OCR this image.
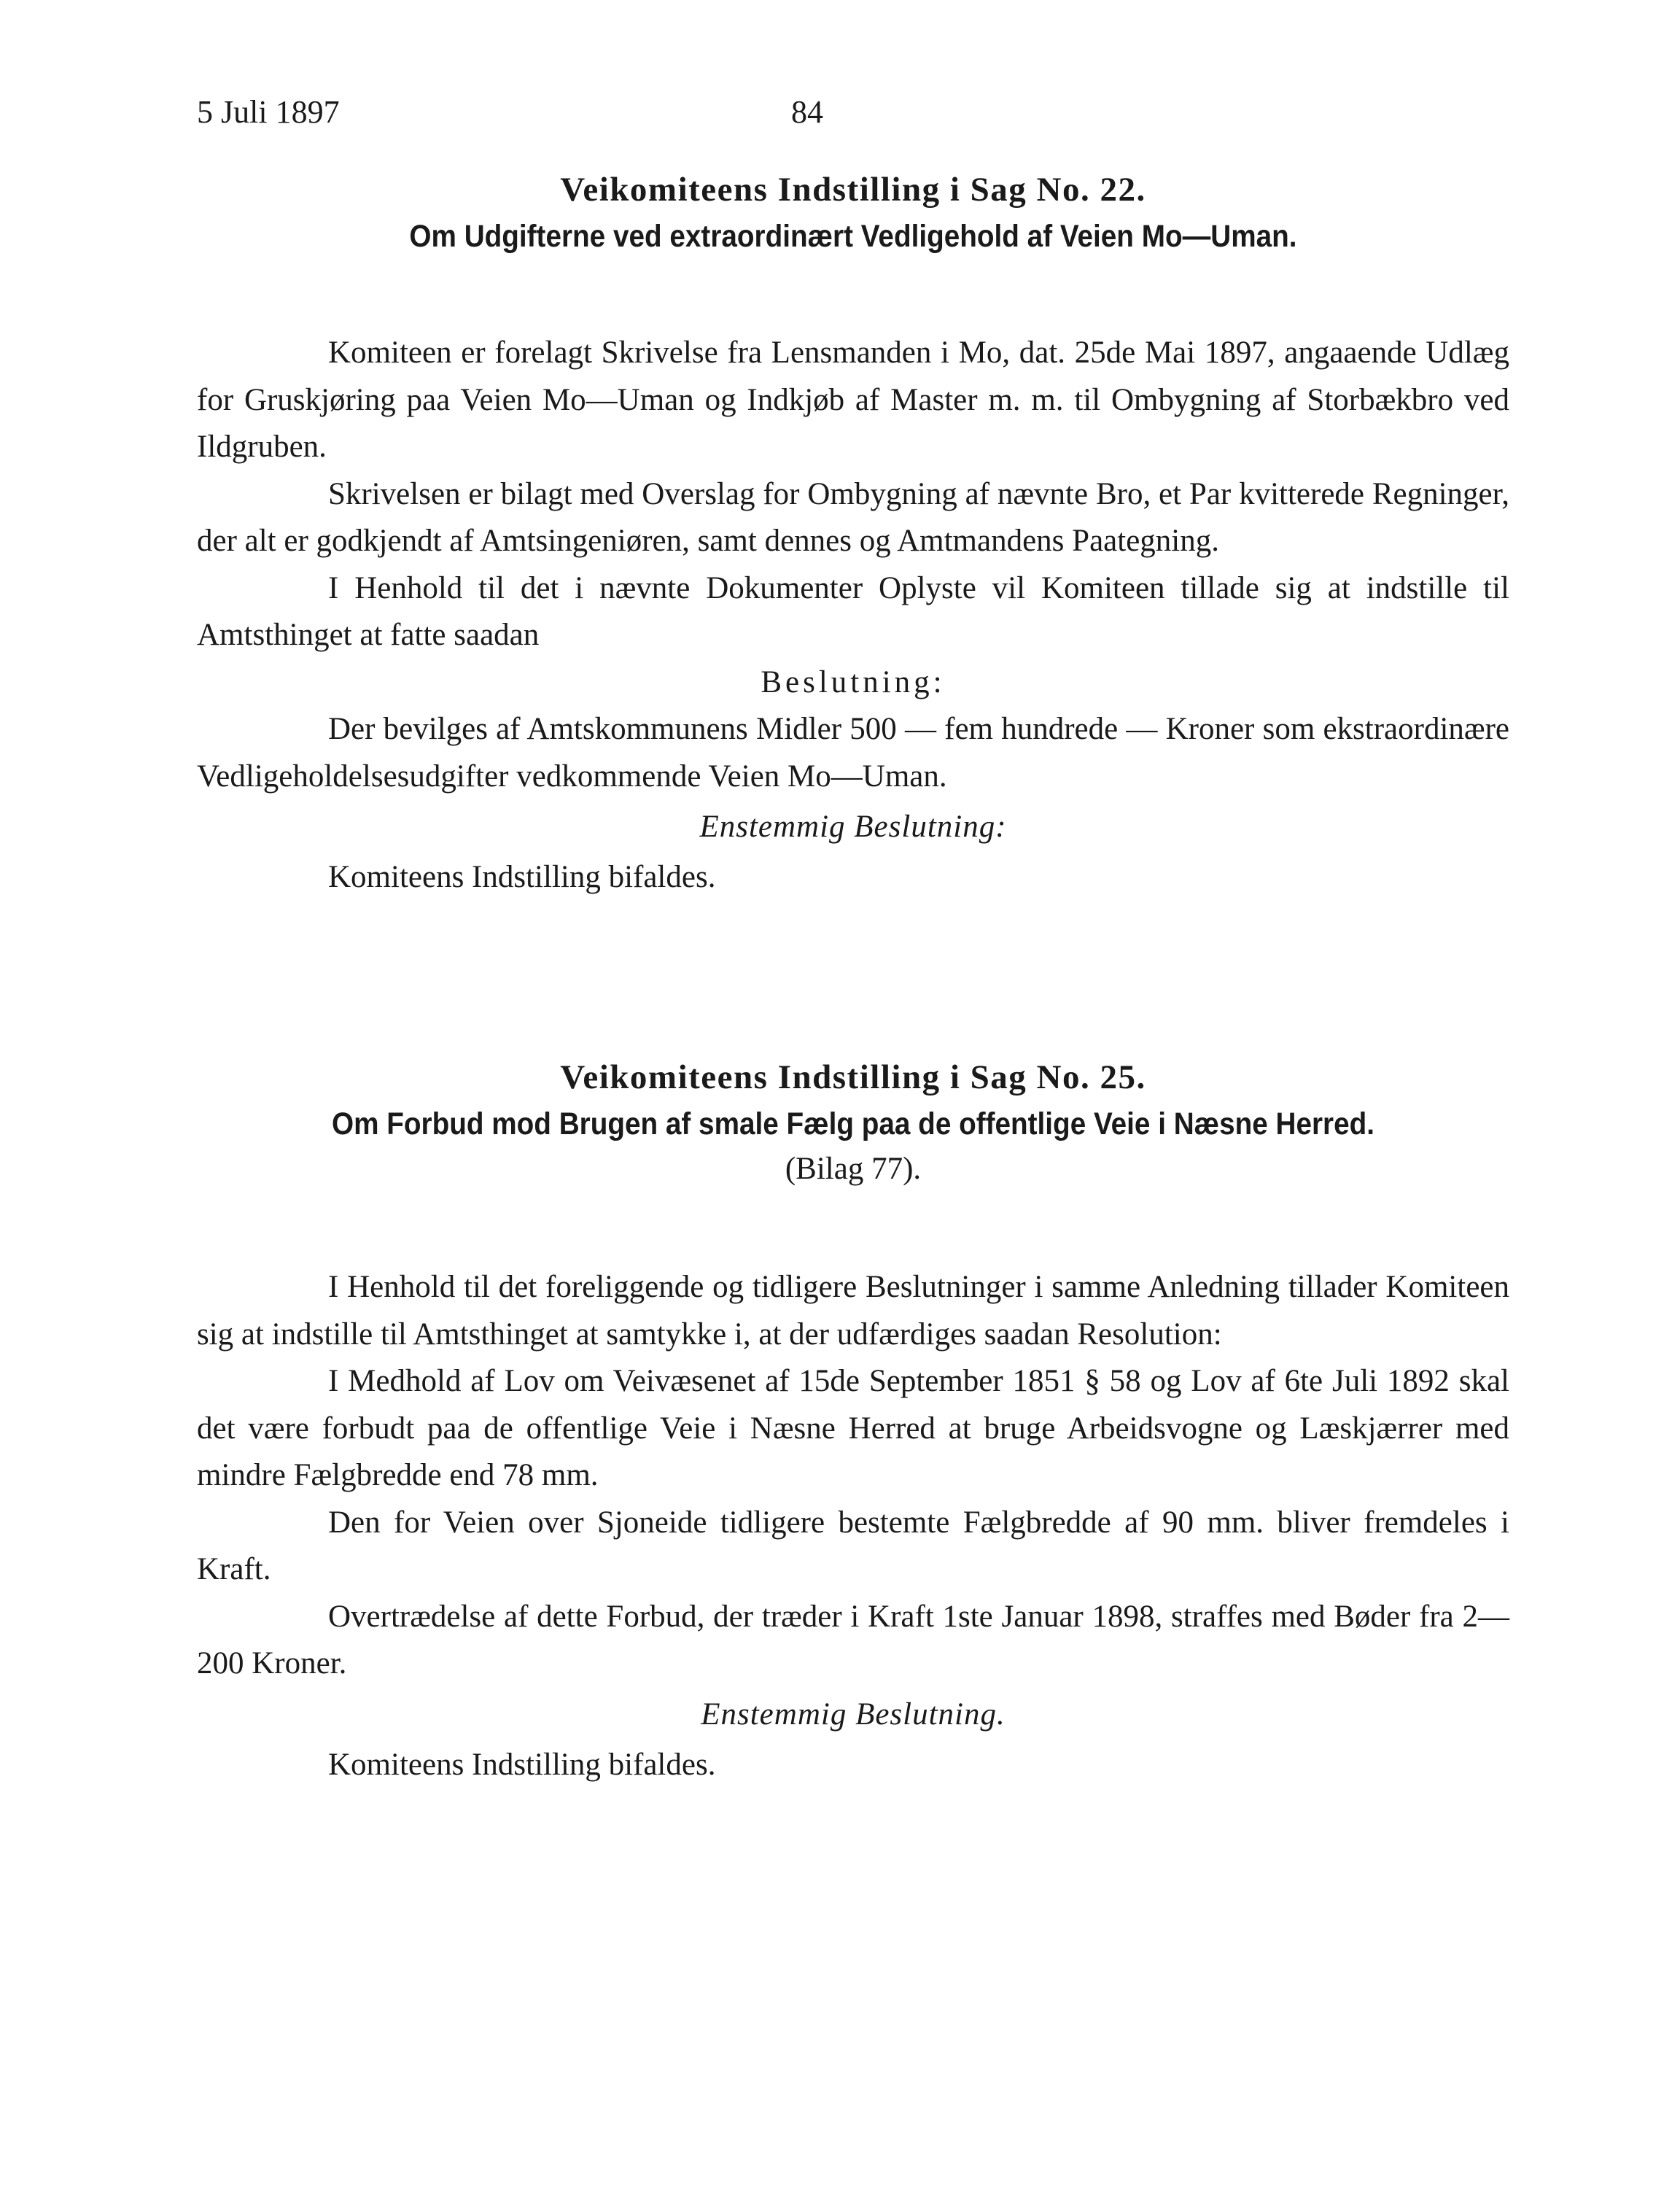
5 Juli 1897	84
Veikomiteens Indstilling i Sag No. 22.
Om Udgifterne ved extraordinært Vedligehold af Veien Mo—Uman.

Komiteen er forelagt Skrivelse fra Lensmanden i Mo, dat. 25de Mai 1897, angaaende Udlæg for Gruskjøring paa Veien Mo—Uman og Indkjøb af Master m. m. til Ombygning af Storbækbro ved Ildgruben.

Skrivelsen er bilagt med Overslag for Ombygning af nævnte Bro, et Par kvitterede Regninger, der alt er godkjendt af Amtsingeniøren, samt dennes og Amtmandens Paategning.

I Henhold til det i nævnte Dokumenter Oplyste vil Komiteen tillade sig at indstille til Amtsthinget at fatte saadan

Beslutning:

Der bevilges af Amtskommunens Midler 500 — fem hundrede — Kroner som ekstraordinære Vedligeholdelsesudgifter vedkommende Veien Mo—Uman.

Enstemmig Beslutning:
Komiteens Indstilling bifaldes.
Veikomiteens Indstilling i Sag No. 25.
Om Forbud mod Brugen af smale Fælg paa de offentlige Veie i Næsne Herred.
(Bilag 77).

I Henhold til det foreliggende og tidligere Beslutninger i samme Anledning tillader Komiteen sig at indstille til Amtsthinget at samtykke i, at der udfærdiges saadan Resolution:

I Medhold af Lov om Veivæsenet af 15de September 1851 § 58 og Lov af 6te Juli 1892 skal det være forbudt paa de offentlige Veie i Næsne Herred at bruge Arbeidsvogne og Læskjærrer med mindre Fælgbredde end 78 mm.

Den for Veien over Sjoneide tidligere bestemte Fælgbredde af 90 mm. bliver fremdeles i Kraft.

Overtrædelse af dette Forbud, der træder i Kraft 1ste Januar 1898, straffes med Bøder fra 2—200 Kroner.

Enstemmig Beslutning.
Komiteens Indstilling bifaldes.
